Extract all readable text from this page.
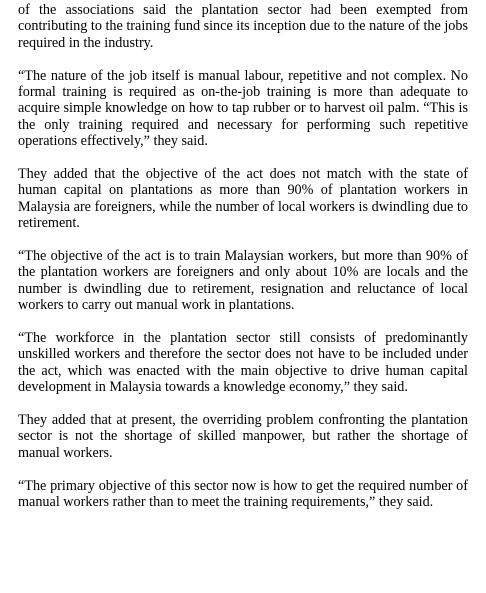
of the associations said the plantation sector had been exempted from contributing to the training fund since its inception due to the nature of the jobs required in the industry.

“The nature of the job itself is manual labour, repetitive and not complex. No formal training is required as on-the-job training is more than adequate to acquire simple knowledge on how to tap rubber or to harvest oil palm. “This is the only training required and necessary for performing such repetitive operations effectively,” they said.

They added that the objective of the act does not match with the state of human capital on plantations as more than 90% of plantation workers in Malaysia are foreigners, while the number of local workers is dwindling due to retirement.

“The objective of the act is to train Malaysian workers, but more than 90% of the plantation workers are foreigners and only about 10% are locals and the number is dwindling due to retirement, resignation and reluctance of local workers to carry out manual work in plantations.

“The workforce in the plantation sector still consists of predominantly unskilled workers and therefore the sector does not have to be included under the act, which was enacted with the main objective to drive human capital development in Malaysia towards a knowledge economy,” they said.

They added that at present, the overriding problem confronting the plantation sector is not the shortage of skilled manpower, but rather the shortage of manual workers.

“The primary objective of this sector now is how to get the required number of manual workers rather than to meet the training requirements,” they said.
